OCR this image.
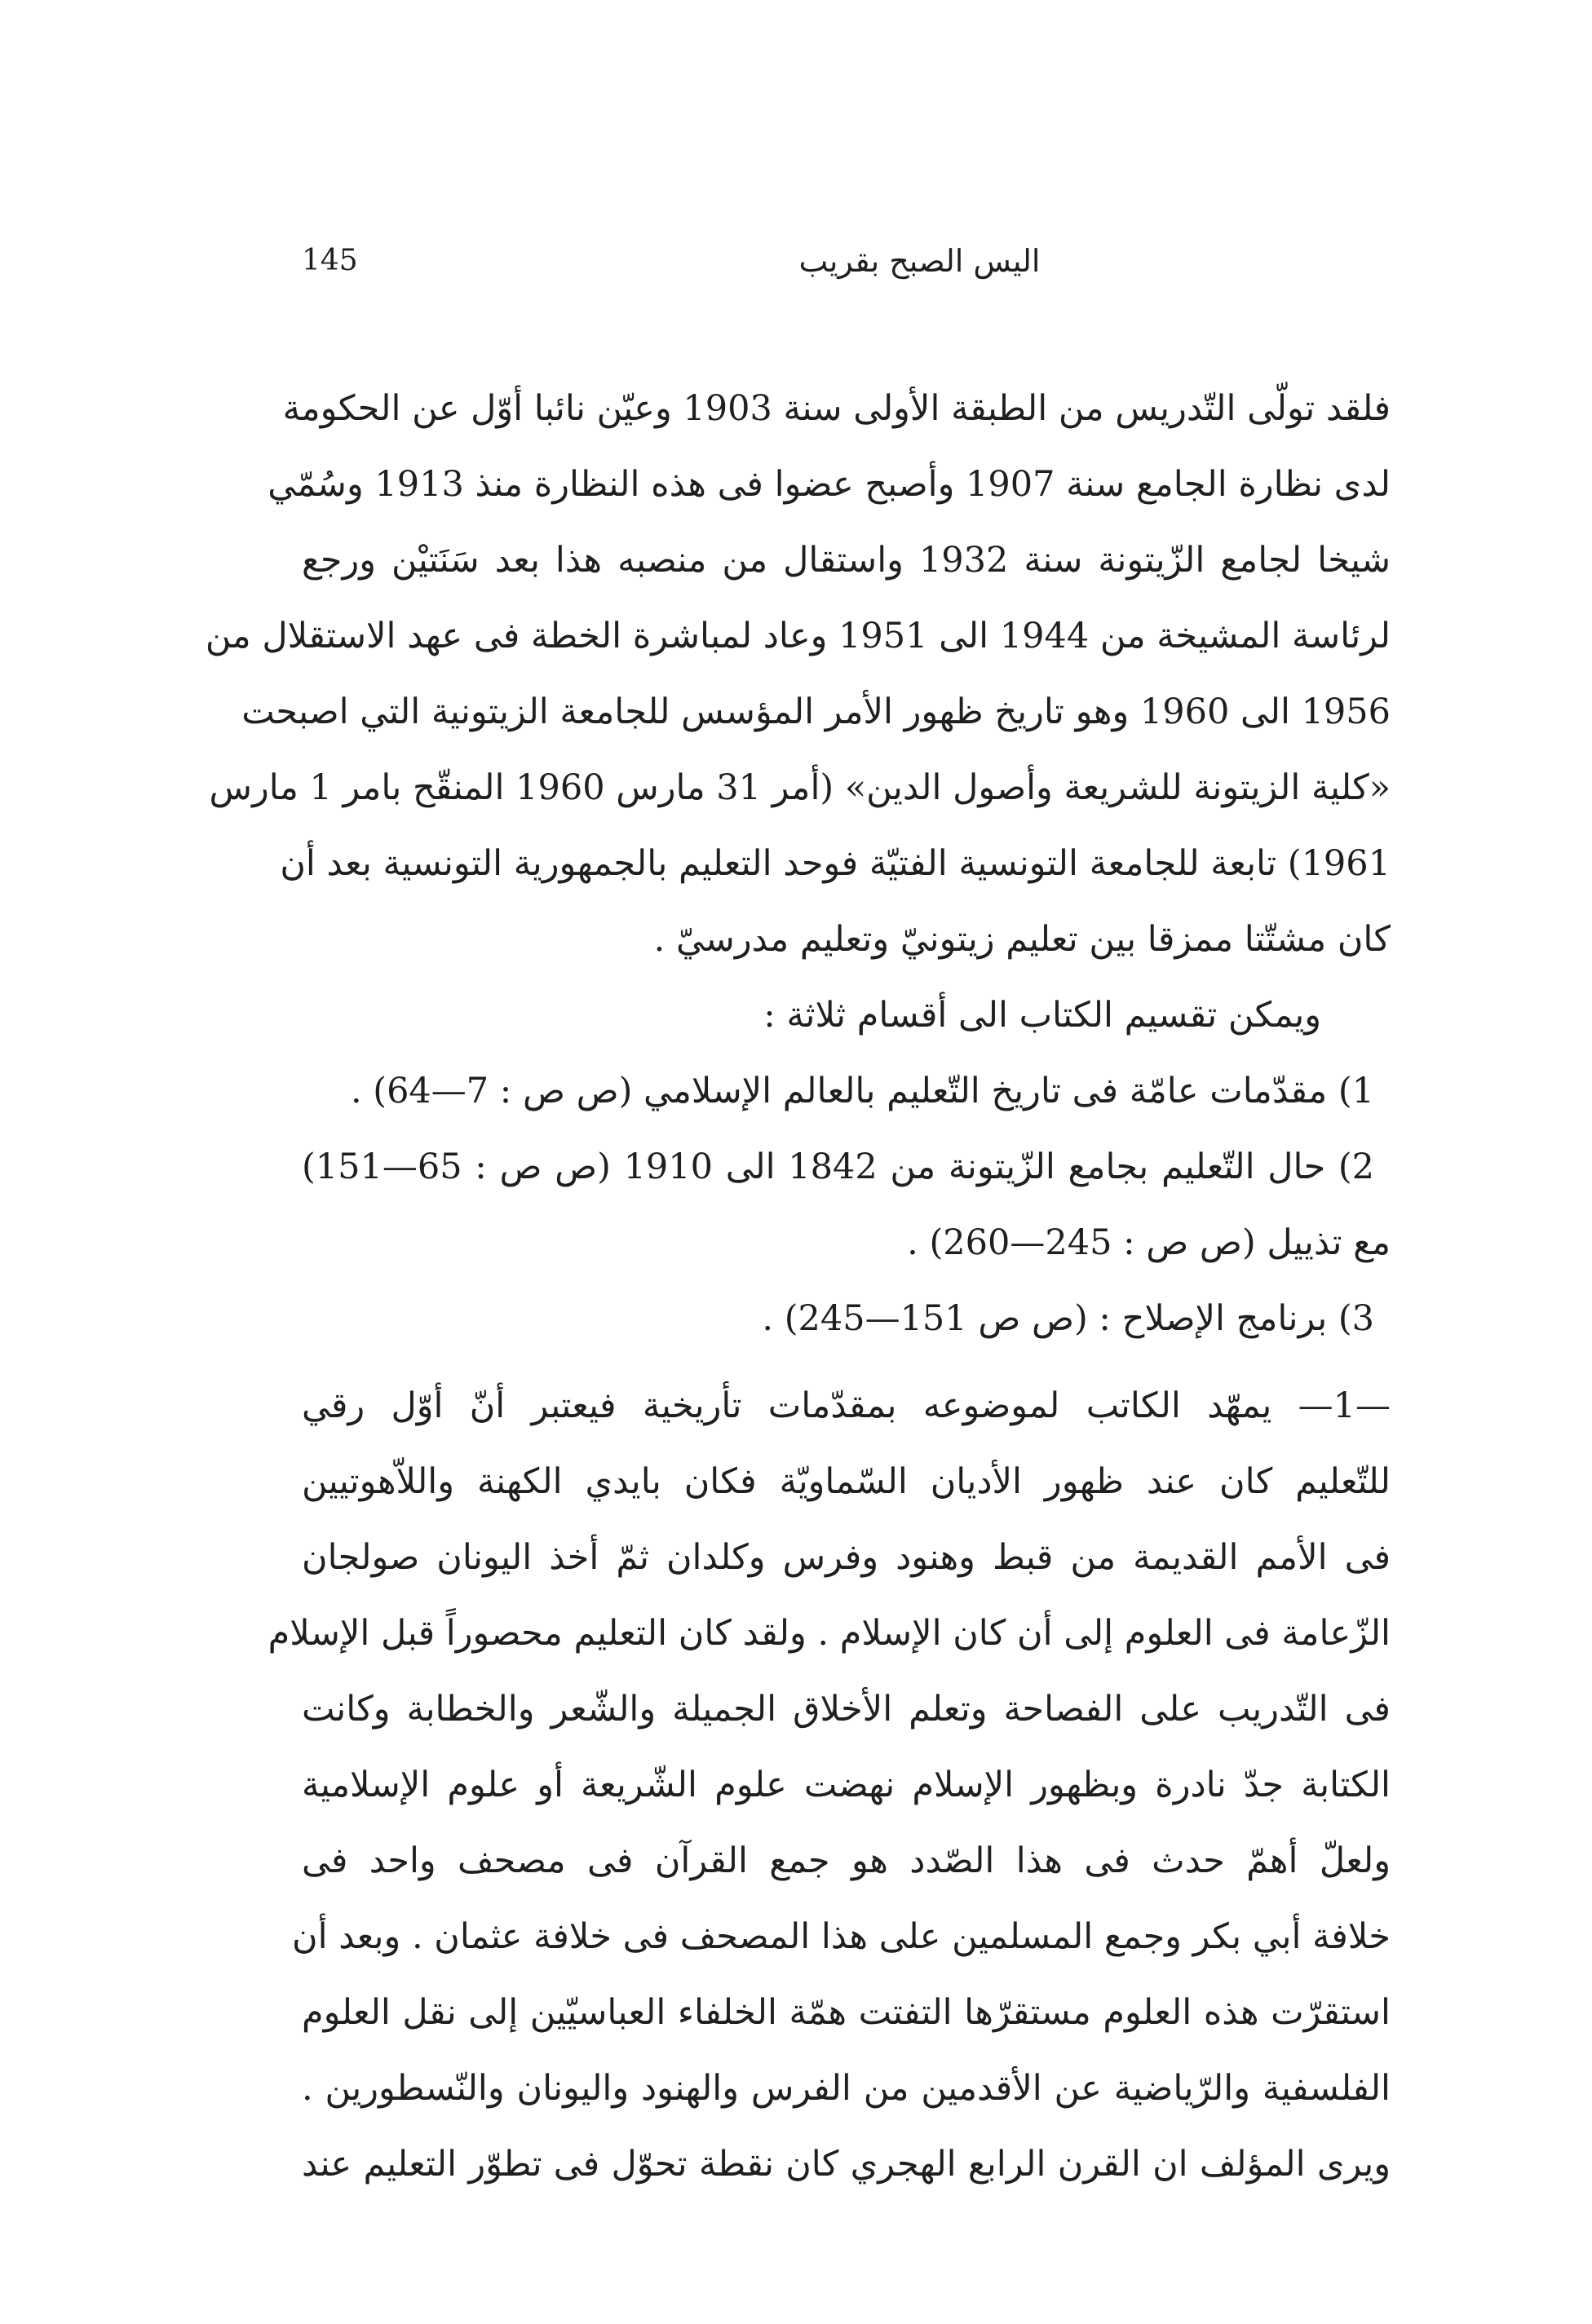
145	اليس الصبح بقريب
فلقد تولّى التّدريس من الطبقة الأولى سنة 1903 وعيّن نائبا أوّل عن الحكومة
لدى نظارة الجامع سنة 1907 وأصبح عضوا فى هذه النظارة منذ 1913 وسُمّي
شيخا لجامع الزّيتونة سنة 1932 واستقال من منصبه هذا بعد سَنَتيْن ورجع
لرئاسة المشيخة من 1944 الى 1951 وعاد لمباشرة الخطة فى عهد الاستقلال من
1956 الى 1960 وهو تاريخ ظهور الأمر المؤسس للجامعة الزيتونية التي اصبحت
«كلية الزيتونة للشريعة وأصول الدين» (أمر 31 مارس 1960 المنقّح بامر 1 مارس
1961) تابعة للجامعة التونسية الفتيّة فوحد التعليم بالجمهورية التونسية بعد أن
كان مشتّتا ممزقا بين تعليم زيتونيّ وتعليم مدرسيّ .
ويمكن تقسيم الكتاب الى أقسام ثلاثة :
1) مقدّمات عامّة فى تاريخ التّعليم بالعالم الإسلامي (ص ص : 7—64) .
2) حال التّعليم بجامع الزّيتونة من 1842 الى 1910 (ص ص : 65—151)
مع تذييل (ص ص : 245—260) .
3) برنامج الإصلاح : (ص ص 151—245) .
—1— يمهّد الكاتب لموضوعه بمقدّمات تأريخية فيعتبر أنّ أوّل رقي
للتّعليم كان عند ظهور الأديان السّماويّة فكان بايدي الكهنة واللاّهوتيين
فى الأمم القديمة من قبط وهنود وفرس وكلدان ثمّ أخذ اليونان صولجان
الزّعامة فى العلوم إلى أن كان الإسلام . ولقد كان التعليم محصوراً قبل الإسلام
فى التّدريب على الفصاحة وتعلم الأخلاق الجميلة والشّعر والخطابة وكانت
الكتابة جدّ نادرة وبظهور الإسلام نهضت علوم الشّريعة أو علوم الإسلامية
ولعلّ أهمّ حدث فى هذا الصّدد هو جمع القرآن فى مصحف واحد فى
خلافة أبي بكر وجمع المسلمين على هذا المصحف فى خلافة عثمان . وبعد أن
استقرّت هذه العلوم مستقرّها التفتت همّة الخلفاء العباسيّين إلى نقل العلوم
الفلسفية والرّياضية عن الأقدمين من الفرس والهنود واليونان والنّسطورين .
ويرى المؤلف ان القرن الرابع الهجري كان نقطة تحوّل فى تطوّر التعليم عند
